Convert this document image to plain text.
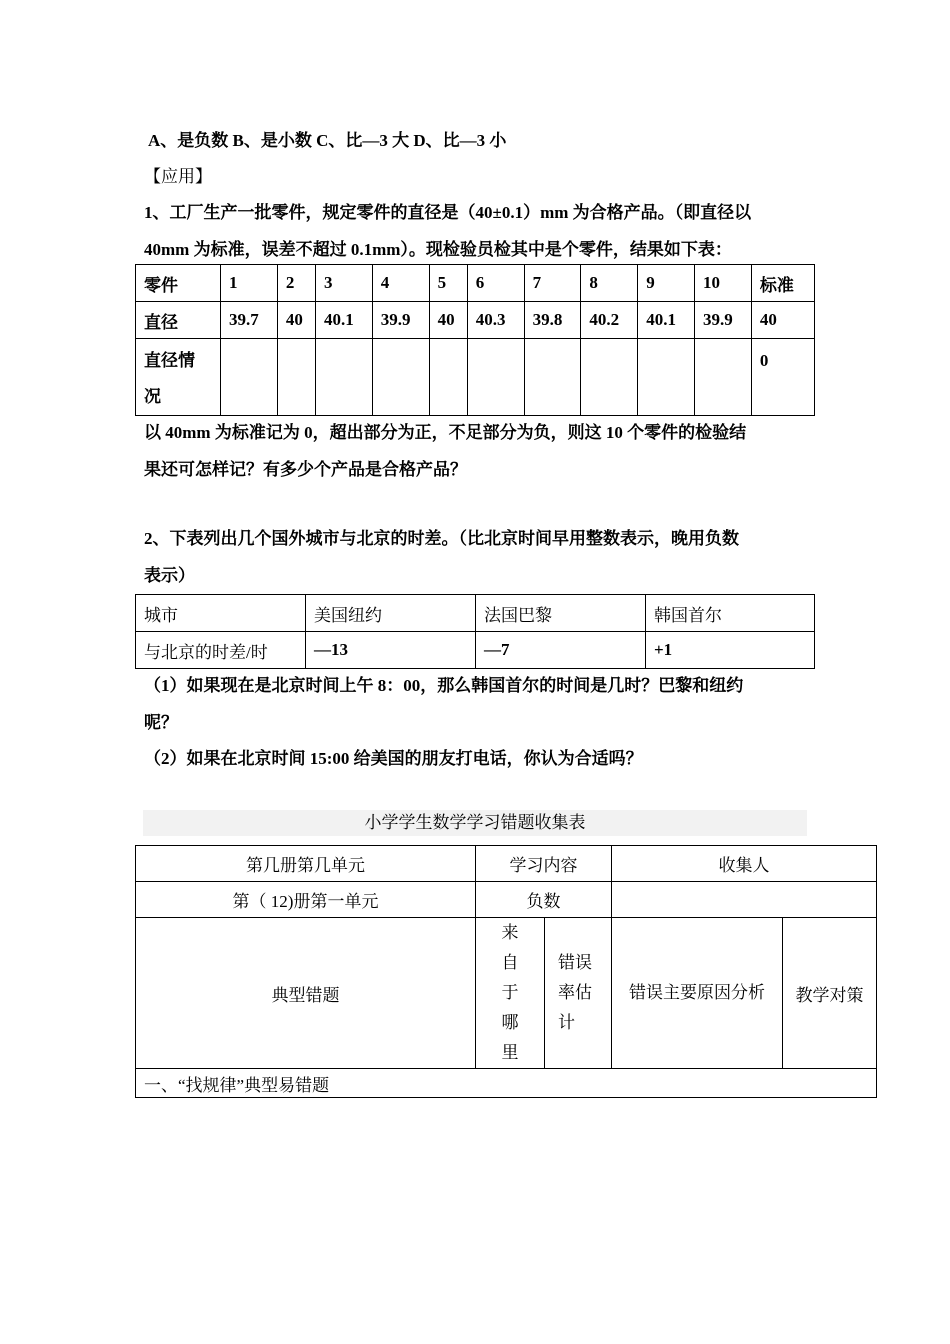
A、是负数 B、是小数 C、比—3 大 D、比—3 小
【应用】
1、工厂生产一批零件，规定零件的直径是（40±0.1）mm 为合格产品。（即直径以
40mm 为标准，误差不超过 0.1mm）。现检验员检其中是个零件，结果如下表：
零件	1	2	3	4	5	6	7	8	9	10	标准
直径	39.7	40	40.1	39.9	40	40.3	39.8	40.2	40.1	39.9	40
直径情况											0
以 40mm 为标准记为 0，超出部分为正，不足部分为负，则这 10 个零件的检验结
果还可怎样记？有多少个产品是合格产品？
2、下表列出几个国外城市与北京的时差。（比北京时间早用整数表示，晚用负数
表示）
城市	美国纽约	法国巴黎	韩国首尔
与北京的时差/时	—13	—7	+1
（1）如果现在是北京时间上午 8：00，那么韩国首尔的时间是几时？巴黎和纽约
呢？
（2）如果在北京时间 15:00 给美国的朋友打电话，你认为合适吗？
小学学生数学学习错题收集表
第几册第几单元	学习内容		收集人	
第（ 12)册第一单元	负数			
典型错题	来自于哪里	错误率估计	错误主要原因分析	教学对策
一、“找规律”典型易错题				
